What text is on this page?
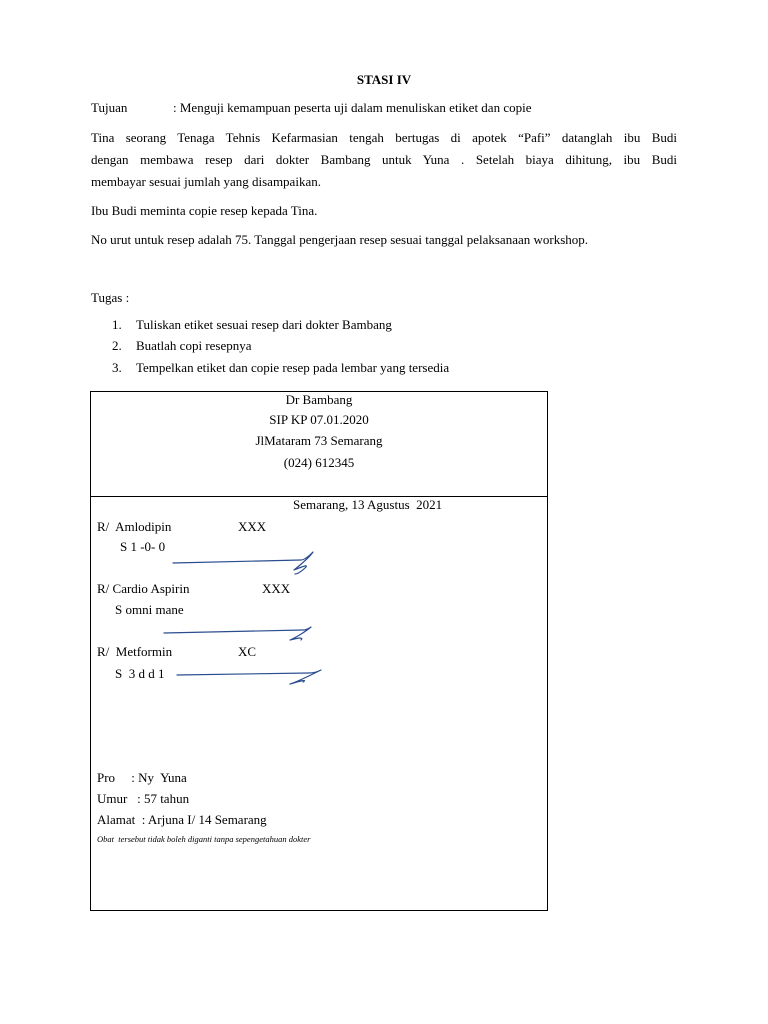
STASI IV
Tujuan	: Menguji kemampuan peserta uji dalam menuliskan etiket dan copie
Tina seorang Tenaga Tehnis Kefarmasian tengah bertugas di apotek “Pafi” datanglah ibu Budi
dengan membawa resep dari dokter Bambang untuk Yuna . Setelah biaya dihitung, ibu Budi
membayar sesuai jumlah yang disampaikan.
Ibu Budi meminta copie resep kepada Tina.
No urut untuk resep adalah 75. Tanggal pengerjaan resep sesuai tanggal pelaksanaan workshop.
Tugas :
1. Tuliskan etiket sesuai resep dari dokter Bambang
2. Buatlah copi resepnya
3. Tempelkan etiket dan copie resep pada lembar yang tersedia
Dr Bambang
SIP KP 07.01.2020
JlMataram 73 Semarang
(024) 612345
Semarang, 13 Agustus  2021
R/  Amlodipin	XXX
S 1 -0- 0
R/ Cardio Aspirin	XXX
S omni mane
R/  Metformin	XC
S  3 d d 1
Pro     : Ny  Yuna
Umur   : 57 tahun
Alamat  : Arjuna I/ 14 Semarang
Obat  tersebut tidak boleh diganti tanpa sepengetahuan dokter
